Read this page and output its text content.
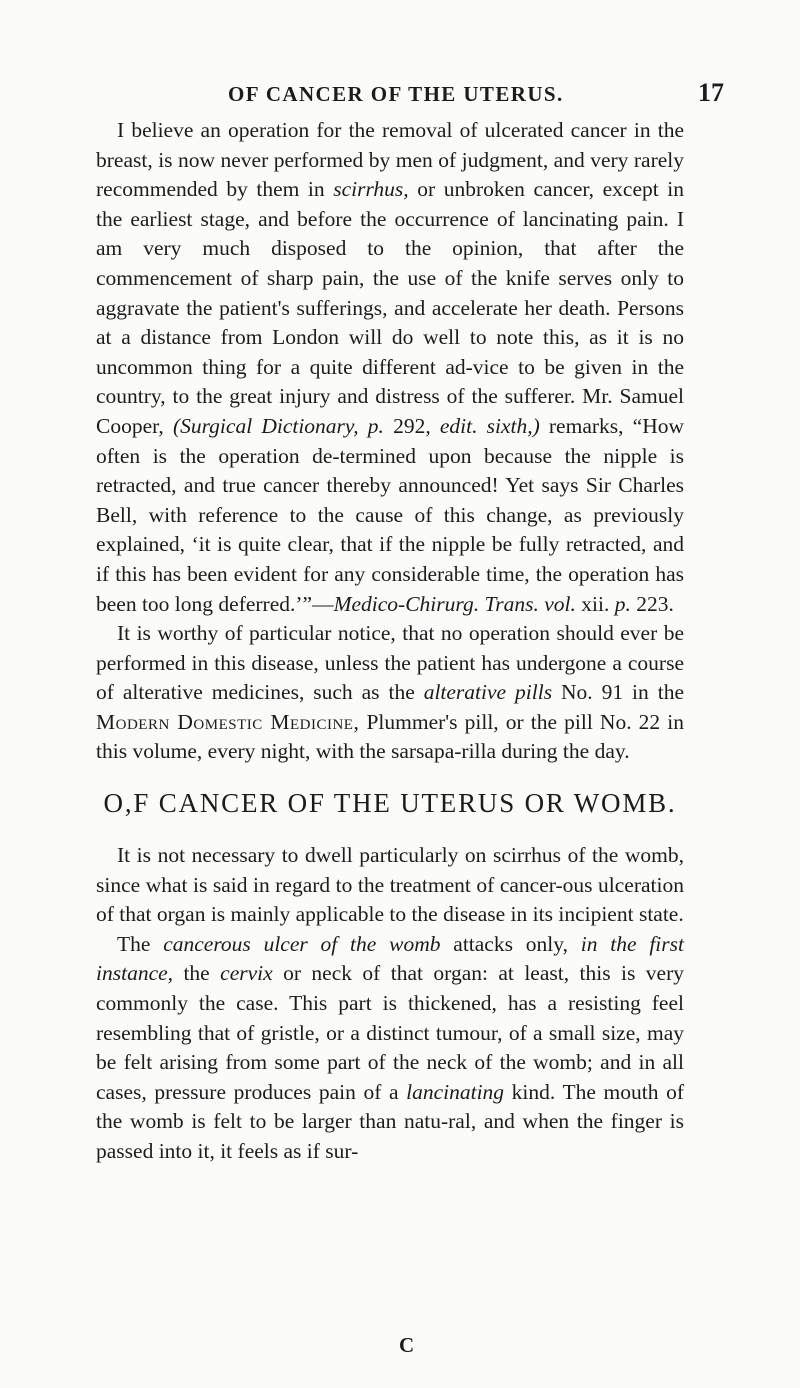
OF CANCER OF THE UTERUS.	17

I believe an operation for the removal of ulcerated cancer in the breast, is now never performed by men of judgment, and very rarely recommended by them in scirrhus, or unbroken cancer, except in the earliest stage, and before the occurrence of lancinating pain. I am very much disposed to the opinion, that after the commencement of sharp pain, the use of the knife serves only to aggravate the patient's sufferings, and accelerate her death. Persons at a distance from London will do well to note this, as it is no uncommon thing for a quite different ad-vice to be given in the country, to the great injury and distress of the sufferer. Mr. Samuel Cooper, (Surgical Dictionary, p. 292, edit. sixth,) remarks, “How often is the operation de-termined upon because the nipple is retracted, and true cancer thereby announced! Yet says Sir Charles Bell, with reference to the cause of this change, as previously explained, ‘it is quite clear, that if the nipple be fully retracted, and if this has been evident for any considerable time, the operation has been too long deferred.’”—Medico-Chirurg. Trans. vol. xii. p. 223.

It is worthy of particular notice, that no operation should ever be performed in this disease, unless the patient has undergone a course of alterative medicines, such as the alterative pills No. 91 in the Modern Domestic Medicine, Plummer's pill, or the pill No. 22 in this volume, every night, with the sarsapa-rilla during the day.

O,F CANCER OF THE UTERUS OR WOMB.

It is not necessary to dwell particularly on scirrhus of the womb, since what is said in regard to the treatment of cancer-ous ulceration of that organ is mainly applicable to the disease in its incipient state.

The cancerous ulcer of the womb attacks only, in the first instance, the cervix or neck of that organ: at least, this is very commonly the case. This part is thickened, has a resisting feel resembling that of gristle, or a distinct tumour, of a small size, may be felt arising from some part of the neck of the womb; and in all cases, pressure produces pain of a lancinating kind. The mouth of the womb is felt to be larger than natu-ral, and when the finger is passed into it, it feels as if sur-

C
